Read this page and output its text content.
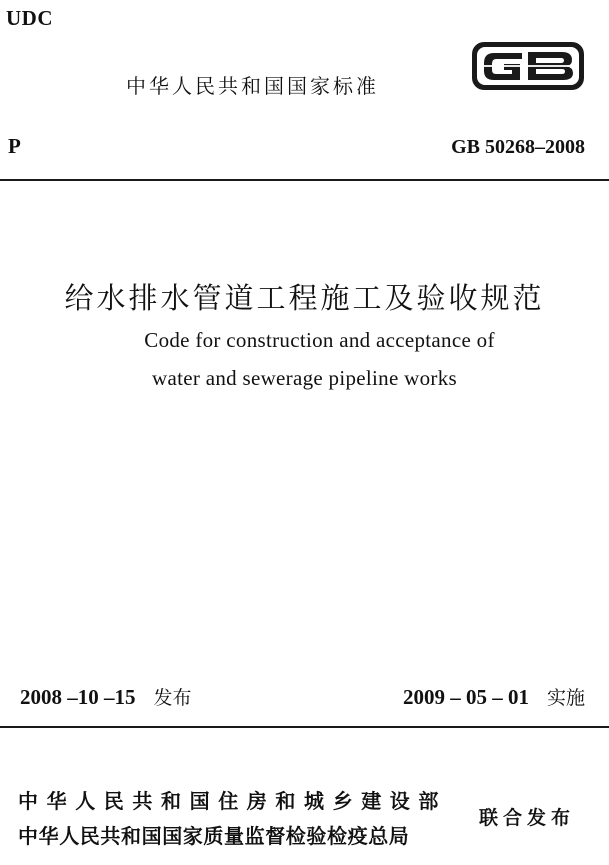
UDC
中华人民共和国国家标准
P	GB 50268–2008
给水排水管道工程施工及验收规范
Code for construction and acceptance of
water and sewerage pipeline works
2008 –10 –15 发布	2009 – 05 – 01 实施
中华人民共和国住房和城乡建设部
中华人民共和国国家质量监督检验检疫总局
联合发布
